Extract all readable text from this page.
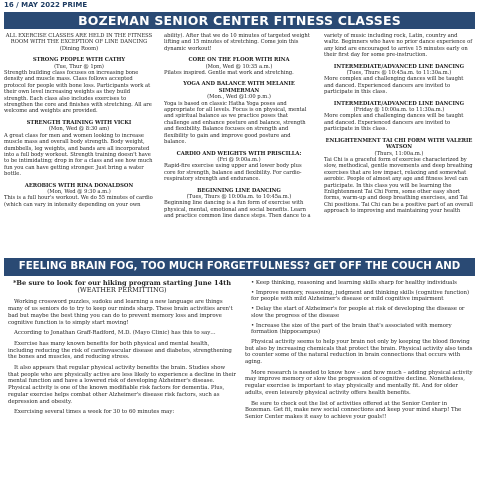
16 / MAY 2022 PRIME
BOZEMAN SENIOR CENTER FITNESS CLASSES

ALL EXERCISE CLASSES ARE HELD IN THE FITNESS ROOM WITH THE EXCEPTION OF LINE DANCING (Dining Room)

STRONG PEOPLE WITH CATHY

(Tue, Thur @ 1pm)

Strength building class focuses on increasing bone density and muscle mass. Class follows accepted protocol for people with bone loss. Participants work at their own level increasing weights as they build strength. Each class also includes exercises to strengthen the core and finishes with stretching. All are welcome and weights are provided.

STRENGTH TRAINING WITH VICKI

(Mon, Wed @ 8:30 am)

A great class for men and women looking to increase muscle mass and overall body strength. Body weight, dumbbells, leg weights, and bands are all incorporated into a full body workout. Strength training doesn't have to be intimidating; drop in for a class and see how much fun you can have getting stronger. Just bring a water bottle.

AEROBICS WITH RINA DONALDSON

(Mon, Wed @ 9:30 a.m.)

This is a full hour's workout. We do 55 minutes of cardio (which can vary in intensity depending on your own

ability). After that we do 10 minutes of targeted weight lifting and 15 minutes of stretching. Come join this dynamic workout!

CORE ON THE FLOOR WITH RINA

(Mon, Wed @ 10:35 a.m.)

Pilates inspired. Gentle mat work and stretching.

YOGA AND BALANCE WITH MELANIE SIMMERMAN

(Mon., Wed @1:00 p.m.)

Yoga is based on classic Hatha Yoga poses and appropriate for all levels. Focus is on physical, mental and spiritual balance as we practice poses that challenge and enhance posture and balance, strength and flexibility. Balance focuses on strength and flexibility to gain and improve good posture and balance.

CARDIO AND WEIGHTS WITH PRISCILLA:

(Fri @ 9:00a.m.)

Rapid-fire exercise using upper and lower body plus core for strength, balance and flexibility. For cardio-respiratory strength and endurance.

BEGINNING LINE DANCING

(Tues, Thurs @ 10:00a.m. to 10:45a.m.)

Beginning line dancing is a fun form of exercise with physical, mental, emotional and social benefits. Learn and practice common line dance steps. Then dance to a

variety of music including rock, Latin, country and waltz. Beginners who have no prior dance experience of any kind are encouraged to arrive 15 minutes early on their first day for some pre-instruction.

INTERMEDIATE/ADVANCED LINE DANCING

(Tues, Thurs @ 10:45a.m. to 11:30a.m.)

More complex and challenging dances will be taught and danced. Experienced dancers are invited to participate in this class.

INTERMEDIATE/ADVANCED LINE DANCING

(Friday @ 10:00a.m. to 11:30a.m.)

More complex and challenging dances will be taught and danced. Experienced dancers are invited to participate in this class.

ENLIGHTENMENT TAI CHI FORM WITH VALERIE WATSON

(Thurs, 11:00a.m.)

Tai Chi is a graceful form of exercise characterized by slow, methodical, gentle movements and deep breathing exercises that are low impact, relaxing and somewhat aerobic. People of almost any age and fitness level can participate. In this class you will be learning the Enlightenment Tai Chi Form, some other easy short forms, warm-up and deep breathing exercises, and Tai Chi positions. Tai Chi can be a positive part of an overall approach to improving and maintaining your health

FEELING BRAIN FOG, TOO MUCH FORGETFULNESS? GET OFF THE COUCH AND START MOVING!!

*Be sure to look for our hiking program starting June 14th

(WEATHER PERMITTING)

Working crossword puzzles, sudoku and learning a new language are things many of us seniors do to try to keep our minds sharp. These brain activities aren't bad but maybe the best thing you can do to prevent memory loss and improve cognitive function is to simply start moving!

According to Jonathan Graff-Radford, M.D. (Mayo Clinic) has this to say…

Exercise has many known benefits for both physical and mental health, including reducing the risk of cardiovascular disease and diabetes, strengthening the bones and muscles, and reducing stress.

It also appears that regular physical activity benefits the brain. Studies show that people who are physically active are less likely to experience a decline in their mental function and have a lowered risk of developing Alzheimer's disease. Physical activity is one of the known modifiable risk factors for dementia. Plus, regular exercise helps combat other Alzheimer's disease risk factors, such as depression and obesity.

Exercising several times a week for 30 to 60 minutes may:

• Keep thinking, reasoning and learning skills sharp for healthy individuals

• Improve memory, reasoning, judgment and thinking skills (cognitive function) for people with mild Alzheimer's disease or mild cognitive impairment

• Delay the start of Alzheimer's for people at risk of developing the disease or slow the progress of the disease

• Increase the size of the part of the brain that's associated with memory formation (hippocampus)

Physical activity seems to help your brain not only by keeping the blood flowing but also by increasing chemicals that protect the brain. Physical activity also tends to counter some of the natural reduction in brain connections that occurs with aging.

More research is needed to know how – and how much – adding physical activity may improve memory or slow the progression of cognitive decline. Nonetheless, regular exercise is important to stay physically and mentally fit. And for older adults, even leisurely physical activity offers health benefits.

Be sure to check out the list of activities offered at the Senior Center in Bozeman. Get fit, make new social connections and keep your mind sharp! The Senior Center makes it easy to achieve your goals!!
